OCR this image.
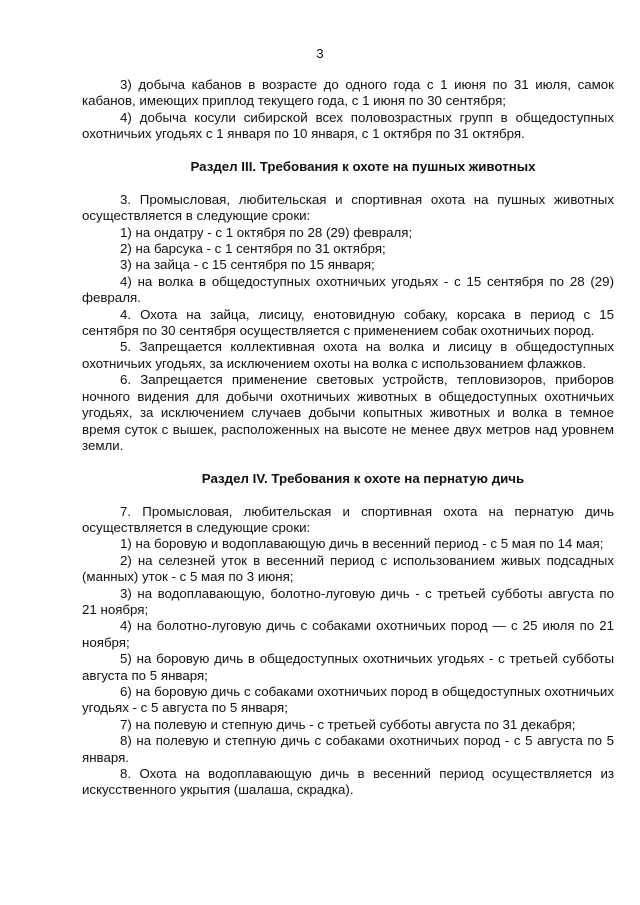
3

3) добыча кабанов в возрасте до одного года с 1 июня по 31 июля, самок кабанов, имеющих приплод текущего года, с 1 июня по 30 сентября;

4) добыча косули сибирской всех половозрастных групп в общедоступных охотничьих угодьях с 1 января по 10 января, с 1 октября по 31 октября.

Раздел III. Требования к охоте на пушных животных

3. Промысловая, любительская и спортивная охота на пушных животных осуществляется в следующие сроки:

1) на ондатру - с 1 октября по 28 (29) февраля;

2) на барсука - с 1 сентября по 31 октября;

3) на зайца - с 15 сентября по 15 января;

4) на волка в общедоступных охотничьих угодьях - с 15 сентября по 28 (29) февраля.

4. Охота на зайца, лисицу, енотовидную собаку, корсака в период с 15 сентября по 30 сентября осуществляется с применением собак охотничьих пород.

5. Запрещается коллективная охота на волка и лисицу в общедоступных охотничьих угодьях, за исключением охоты на волка с использованием флажков.

6. Запрещается применение световых устройств, тепловизоров, приборов ночного видения для добычи охотничьих животных в общедоступных охотничьих угодьях, за исключением случаев добычи копытных животных и волка в темное время суток с вышек, расположенных на высоте не менее двух метров над уровнем земли.

Раздел IV. Требования к охоте на пернатую дичь

7. Промысловая, любительская и спортивная охота на пернатую дичь осуществляется в следующие сроки:

1) на боровую и водоплавающую дичь в весенний период - с 5 мая по 14 мая;

2) на селезней уток в весенний период с использованием живых подсадных (манных) уток - с 5 мая по 3 июня;

3) на водоплавающую, болотно-луговую дичь - с третьей субботы августа по 21 ноября;

4) на болотно-луговую дичь с собаками охотничьих пород — с 25 июля по 21 ноября;

5) на боровую дичь в общедоступных охотничьих угодьях - с третьей субботы августа по 5 января;

6) на боровую дичь с собаками охотничьих пород в общедоступных охотничьих угодьях - с 5 августа по 5 января;

7) на полевую и степную дичь - с третьей субботы августа по 31 декабря;

8) на полевую и степную дичь с собаками охотничьих пород - с 5 августа по 5 января.

8. Охота на водоплавающую дичь в весенний период осуществляется из искусственного укрытия (шалаша, скрадка).
